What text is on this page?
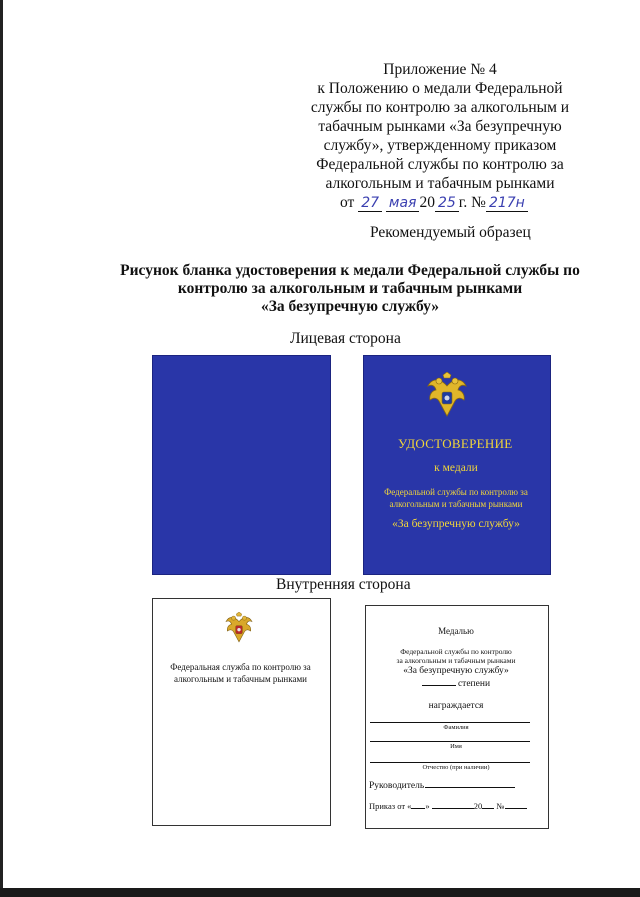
Приложение № 4
к Положению о медали Федеральной
службы по контролю за алкогольным и
табачным рынками «За безупречную
службу», утвержденному приказом
Федеральной службы по контролю за
алкогольным и табачным рынками
от 27 мая 20 25 г. № 217н
Рекомендуемый образец
Рисунок бланка удостоверения к медали Федеральной службы по
контролю за алкогольным и табачным рынками
«За безупречную службу»
Лицевая сторона
УДОСТОВЕРЕНИЕ
к медали
Федеральной службы по контролю за
алкогольным и табачным рынками
«За безупречную службу»
Внутренняя сторона
Федеральная служба по контролю за
алкогольным и табачным рынками
Медалью
Федеральной службы по контролю
за алкогольным и табачным рынками
«За безупречную службу»
степени
награждается
Фамилия
Имя
Отчество (при наличии)
Руководитель
Приказ от « »	20 №
